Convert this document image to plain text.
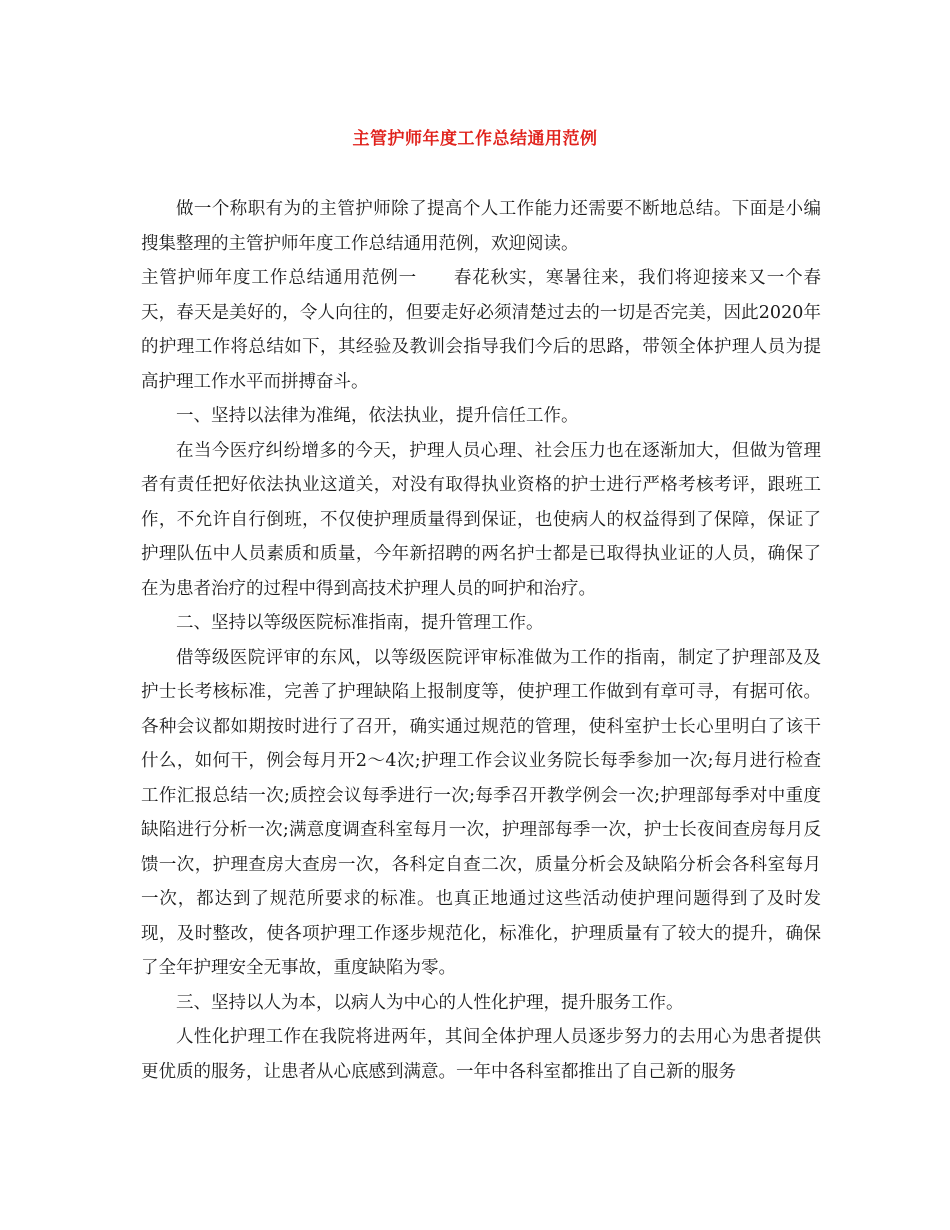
主管护师年度工作总结通用范例

做一个称职有为的主管护师除了提高个人工作能力还需要不断地总结。下面是小编搜集整理的主管护师年度工作总结通用范例，欢迎阅读。

主管护师年度工作总结通用范例一　　春花秋实，寒暑往来，我们将迎接来又一个春天，春天是美好的，令人向往的，但要走好必须清楚过去的一切是否完美，因此2020年的护理工作将总结如下，其经验及教训会指导我们今后的思路，带领全体护理人员为提高护理工作水平而拼搏奋斗。

一、坚持以法律为准绳，依法执业，提升信任工作。

在当今医疗纠纷增多的今天，护理人员心理、社会压力也在逐渐加大，但做为管理者有责任把好依法执业这道关，对没有取得执业资格的护士进行严格考核考评，跟班工作，不允许自行倒班，不仅使护理质量得到保证，也使病人的权益得到了保障，保证了护理队伍中人员素质和质量，今年新招聘的两名护士都是已取得执业证的人员，确保了在为患者治疗的过程中得到高技术护理人员的呵护和治疗。

二、坚持以等级医院标准指南，提升管理工作。

借等级医院评审的东风，以等级医院评审标准做为工作的指南，制定了护理部及及护士长考核标准，完善了护理缺陷上报制度等，使护理工作做到有章可寻，有据可依。各种会议都如期按时进行了召开，确实通过规范的管理，使科室护士长心里明白了该干什么，如何干，例会每月开2～4次;护理工作会议业务院长每季参加一次;每月进行检查工作汇报总结一次;质控会议每季进行一次;每季召开教学例会一次;护理部每季对中重度缺陷进行分析一次;满意度调查科室每月一次，护理部每季一次，护士长夜间查房每月反馈一次，护理查房大查房一次，各科定自查二次，质量分析会及缺陷分析会各科室每月一次，都达到了规范所要求的标准。也真正地通过这些活动使护理问题得到了及时发现，及时整改，使各项护理工作逐步规范化，标准化，护理质量有了较大的提升，确保了全年护理安全无事故，重度缺陷为零。

三、坚持以人为本，以病人为中心的人性化护理，提升服务工作。

人性化护理工作在我院将进两年，其间全体护理人员逐步努力的去用心为患者提供更优质的服务，让患者从心底感到满意。一年中各科室都推出了自己新的服务
